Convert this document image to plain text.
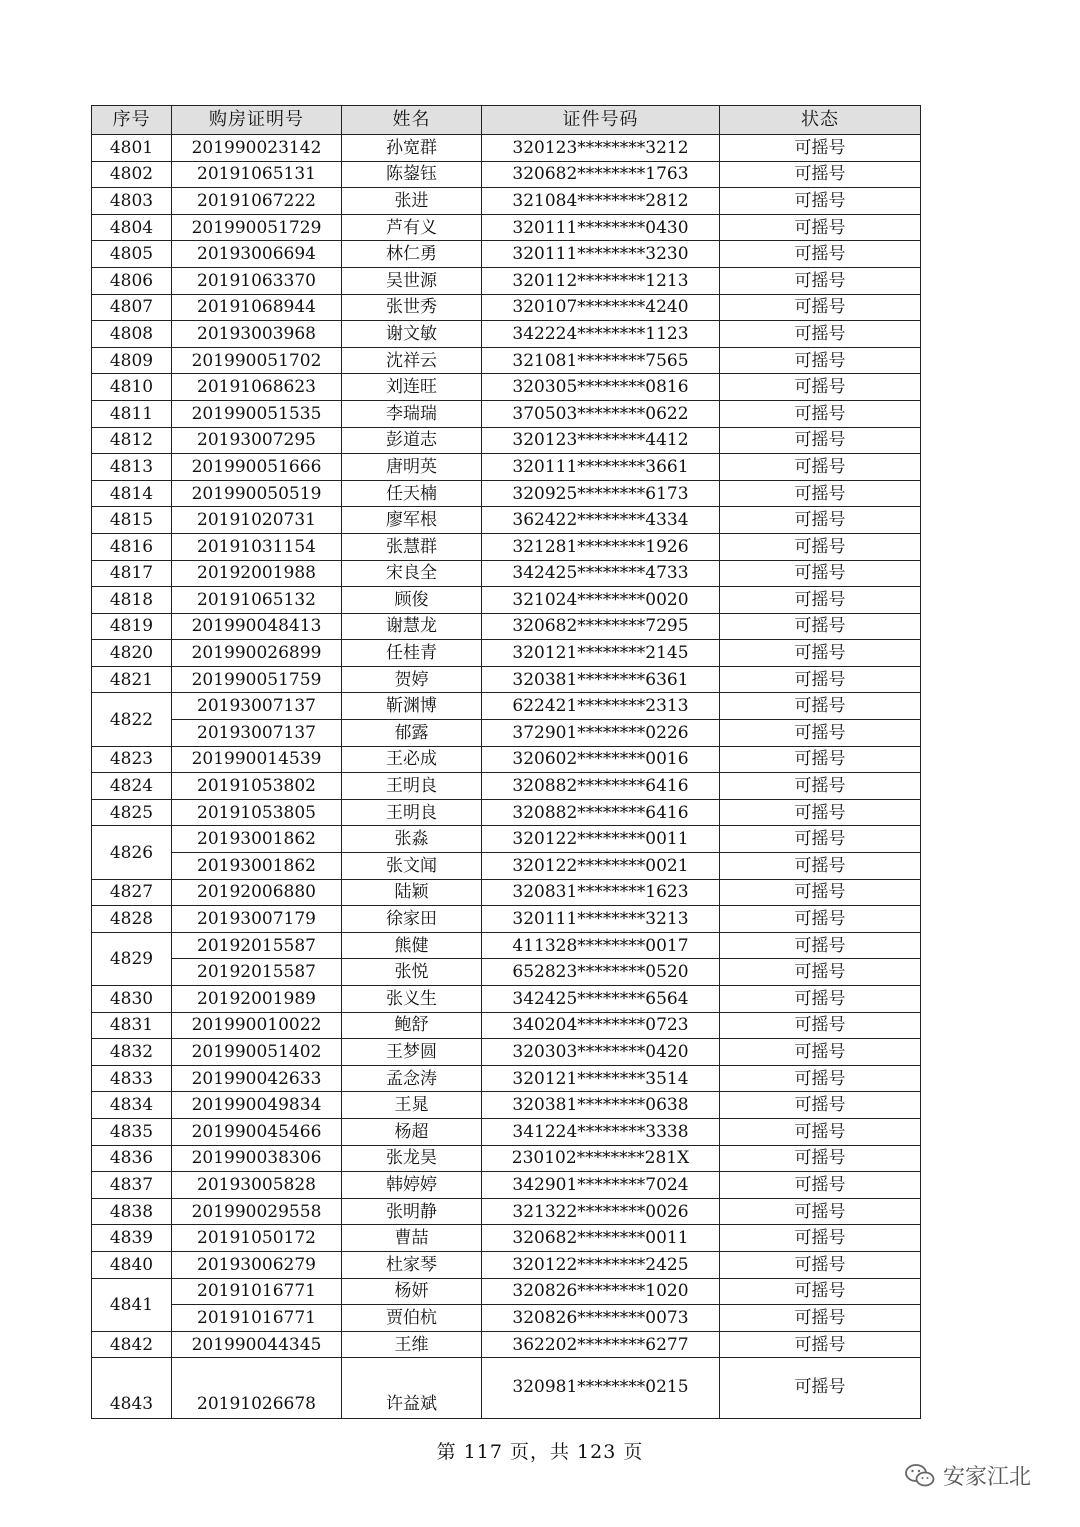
序号	购房证明号	姓名	证件号码	状态
4801	201990023142	孙宽群	320123********3212	可摇号
4802	20191065131	陈鋆钰	320682********1763	可摇号
4803	20191067222	张进	321084********2812	可摇号
4804	201990051729	芦有义	320111********0430	可摇号
4805	20193006694	林仁勇	320111********3230	可摇号
4806	20191063370	吴世源	320112********1213	可摇号
4807	20191068944	张世秀	320107********4240	可摇号
4808	20193003968	谢文敏	342224********1123	可摇号
4809	201990051702	沈祥云	321081********7565	可摇号
4810	20191068623	刘连旺	320305********0816	可摇号
4811	201990051535	李瑞瑞	370503********0622	可摇号
4812	20193007295	彭道志	320123********4412	可摇号
4813	201990051666	唐明英	320111********3661	可摇号
4814	201990050519	任天楠	320925********6173	可摇号
4815	20191020731	廖军根	362422********4334	可摇号
4816	20191031154	张慧群	321281********1926	可摇号
4817	20192001988	宋良全	342425********4733	可摇号
4818	20191065132	顾俊	321024********0020	可摇号
4819	201990048413	谢慧龙	320682********7295	可摇号
4820	201990026899	任桂青	320121********2145	可摇号
4821	201990051759	贺婷	320381********6361	可摇号
4822	20193007137	靳渊博	622421********2313	可摇号
	20193007137	郁露	372901********0226	可摇号
4823	201990014539	王必成	320602********0016	可摇号
4824	20191053802	王明良	320882********6416	可摇号
4825	20191053805	王明良	320882********6416	可摇号
4826	20193001862	张淼	320122********0011	可摇号
	20193001862	张文闻	320122********0021	可摇号
4827	20192006880	陆颖	320831********1623	可摇号
4828	20193007179	徐家田	320111********3213	可摇号
4829	20192015587	熊健	411328********0017	可摇号
	20192015587	张悦	652823********0520	可摇号
4830	20192001989	张义生	342425********6564	可摇号
4831	201990010022	鲍舒	340204********0723	可摇号
4832	201990051402	王梦圆	320303********0420	可摇号
4833	201990042633	孟念涛	320121********3514	可摇号
4834	201990049834	王晁	320381********0638	可摇号
4835	201990045466	杨超	341224********3338	可摇号
4836	201990038306	张龙昊	230102********281X	可摇号
4837	20193005828	韩婷婷	342901********7024	可摇号
4838	201990029558	张明静	321322********0026	可摇号
4839	20191050172	曹喆	320682********0011	可摇号
4840	20193006279	杜家琴	320122********2425	可摇号
4841	20191016771	杨妍	320826********1020	可摇号
	20191016771	贾伯杭	320826********0073	可摇号
4842	201990044345	王维	362202********6277	可摇号
4843	20191026678	许益斌	320981********0215	可摇号
第 117 页，共 123 页
安家江北
